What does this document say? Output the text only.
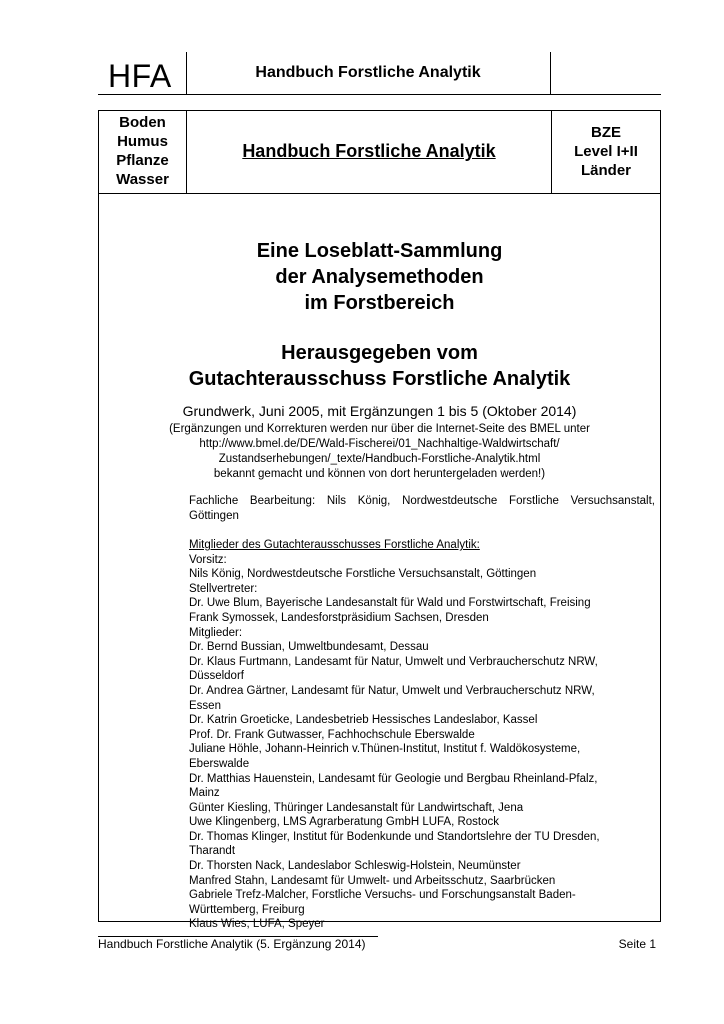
HFA	Handbuch Forstliche Analytik
Boden
Humus
Pflanze
Wasser
Handbuch Forstliche Analytik
BZE
Level I+II
Länder
Eine Loseblatt-Sammlung
der Analysemethoden
im Forstbereich
Herausgegeben vom
Gutachterausschuss Forstliche Analytik
Grundwerk, Juni 2005, mit Ergänzungen 1 bis 5 (Oktober 2014)
(Ergänzungen und Korrekturen werden nur über die Internet-Seite des BMEL unter
http://www.bmel.de/DE/Wald-Fischerei/01_Nachhaltige-Waldwirtschaft/
Zustandserhebungen/_texte/Handbuch-Forstliche-Analytik.html
bekannt gemacht und können von dort heruntergeladen werden!)
Fachliche Bearbeitung: Nils König, Nordwestdeutsche Forstliche Versuchsanstalt, Göttingen
Mitglieder des Gutachterausschusses Forstliche Analytik:
Vorsitz:
Nils König, Nordwestdeutsche Forstliche Versuchsanstalt, Göttingen
Stellvertreter:
Dr. Uwe Blum, Bayerische Landesanstalt für Wald und Forstwirtschaft, Freising
Frank Symossek, Landesforstpräsidium Sachsen, Dresden
Mitglieder:
Dr. Bernd Bussian, Umweltbundesamt, Dessau
Dr. Klaus Furtmann, Landesamt für Natur, Umwelt und Verbraucherschutz NRW,
Düsseldorf
Dr. Andrea Gärtner, Landesamt für Natur, Umwelt und Verbraucherschutz NRW,
Essen
Dr. Katrin Groeticke, Landesbetrieb Hessisches Landeslabor, Kassel
Prof. Dr. Frank Gutwasser, Fachhochschule Eberswalde
Juliane Höhle, Johann-Heinrich v.Thünen-Institut, Institut f. Waldökosysteme,
Eberswalde
Dr. Matthias Hauenstein, Landesamt für Geologie und Bergbau Rheinland-Pfalz,
Mainz
Günter Kiesling, Thüringer Landesanstalt für Landwirtschaft, Jena
Uwe Klingenberg, LMS Agrarberatung GmbH LUFA, Rostock
Dr. Thomas Klinger, Institut für Bodenkunde und Standortslehre der TU Dresden,
Tharandt
Dr. Thorsten Nack, Landeslabor Schleswig-Holstein, Neumünster
Manfred Stahn, Landesamt für Umwelt- und Arbeitsschutz, Saarbrücken
Gabriele Trefz-Malcher, Forstliche Versuchs- und Forschungsanstalt Baden-
Württemberg, Freiburg
Klaus Wies, LUFA, Speyer
Handbuch Forstliche Analytik (5. Ergänzung 2014)	Seite 1
